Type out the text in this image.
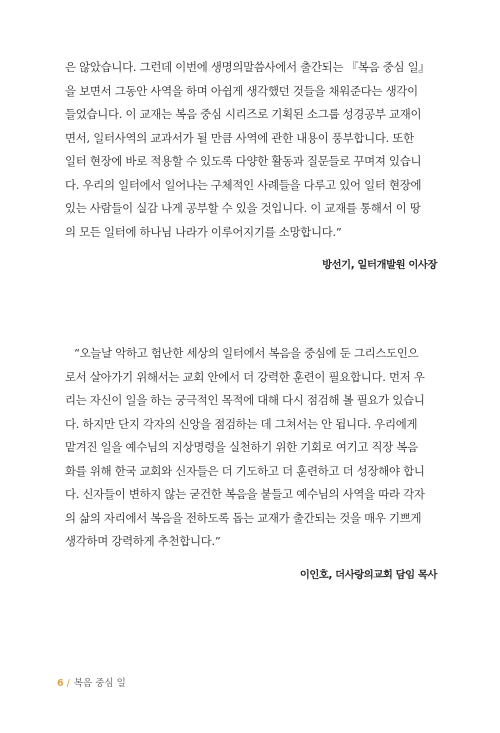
은 않았습니다. 그런데 이번에 생명의말씀사에서 출간되는 『복음 중심 일』
을 보면서 그동안 사역을 하며 아쉽게 생각했던 것들을 채워준다는 생각이
들었습니다. 이 교재는 복음 중심 시리즈로 기획된 소그룹 성경공부 교재이
면서, 일터사역의 교과서가 될 만큼 사역에 관한 내용이 풍부합니다. 또한
일터 현장에 바로 적용할 수 있도록 다양한 활동과 질문들로 꾸며져 있습니
다. 우리의 일터에서 일어나는 구체적인 사례들을 다루고 있어 일터 현장에
있는 사람들이 실감 나게 공부할 수 있을 것입니다. 이 교재를 통해서 이 땅
의 모든 일터에 하나님 나라가 이루어지기를 소망합니다.”
방선기, 일터개발원 이사장
“오늘날 악하고 험난한 세상의 일터에서 복음을 중심에 둔 그리스도인으
로서 살아가기 위해서는 교회 안에서 더 강력한 훈련이 필요합니다. 먼저 우
리는 자신이 일을 하는 궁극적인 목적에 대해 다시 점검해 볼 필요가 있습니
다. 하지만 단지 각자의 신앙을 점검하는 데 그쳐서는 안 됩니다. 우리에게
맡겨진 일을 예수님의 지상명령을 실천하기 위한 기회로 여기고 직장 복음
화를 위해 한국 교회와 신자들은 더 기도하고 더 훈련하고 더 성장해야 합니
다. 신자들이 변하지 않는 굳건한 복음을 붙들고 예수님의 사역을 따라 각자
의 삶의 자리에서 복음을 전하도록 돕는 교재가 출간되는 것을 매우 기쁘게
생각하며 강력하게 추천합니다.”
이인호, 더사랑의교회 담임 목사
6 / 복음 중심 일
